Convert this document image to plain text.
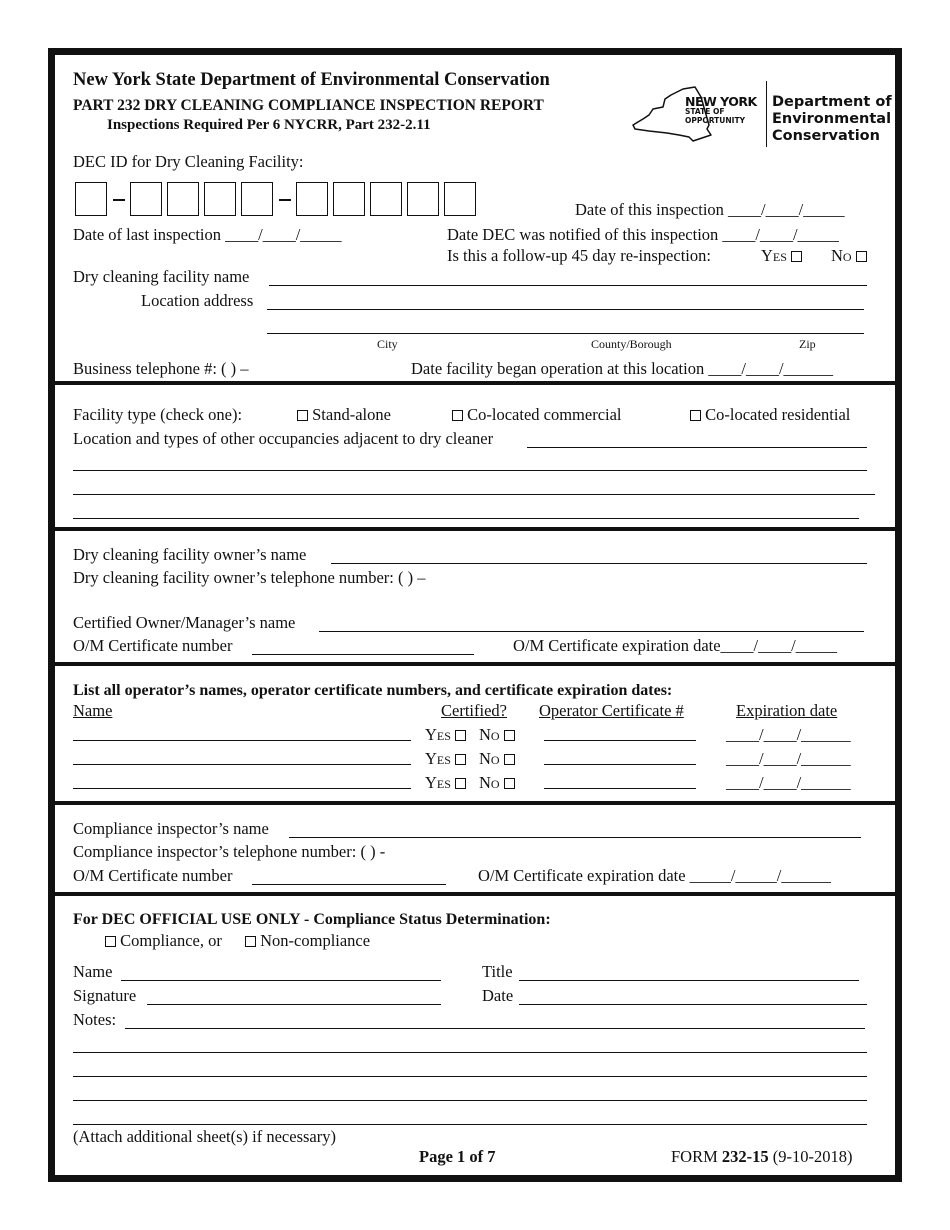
New York State Department of Environmental Conservation
PART 232 DRY CLEANING COMPLIANCE INSPECTION REPORT
Inspections Required Per 6 NYCRR, Part 232-2.11
NEW YORK
STATE OF
OPPORTUNITY
Department of
Environmental
Conservation
DEC ID for Dry Cleaning Facility:
Date of this inspection ____/____/_____
Date of last inspection ____/____/_____	Date DEC was notified of this inspection ____/____/_____
Is this a follow-up 45 day re-inspection:	Yes	No
Dry cleaning facility name
Location address
City	County/Borough	Zip
Business telephone #: ( ) –	Date facility began operation at this location ____/____/______
Facility type (check one):	Stand-alone	Co-located commercial	Co-located residential
Location and types of other occupancies adjacent to dry cleaner
Dry cleaning facility owner’s name
Dry cleaning facility owner’s telephone number: ( ) –
Certified Owner/Manager’s name
O/M Certificate number	O/M Certificate expiration date____/____/_____
List all operator’s names, operator certificate numbers, and certificate expiration dates:
Name	Certified? Operator Certificate #	Expiration date
Yes	No	____/____/______
Yes	No	____/____/______
Yes	No	____/____/______
Compliance inspector’s name
Compliance inspector’s telephone number: ( ) -
O/M Certificate number	O/M Certificate expiration date _____/_____/______
For DEC OFFICIAL USE ONLY - Compliance Status Determination:
Compliance, or	Non-compliance
Name	Title
Signature	Date
Notes:
(Attach additional sheet(s) if necessary)
Page 1 of 7	FORM 232-15 (9-10-2018)
